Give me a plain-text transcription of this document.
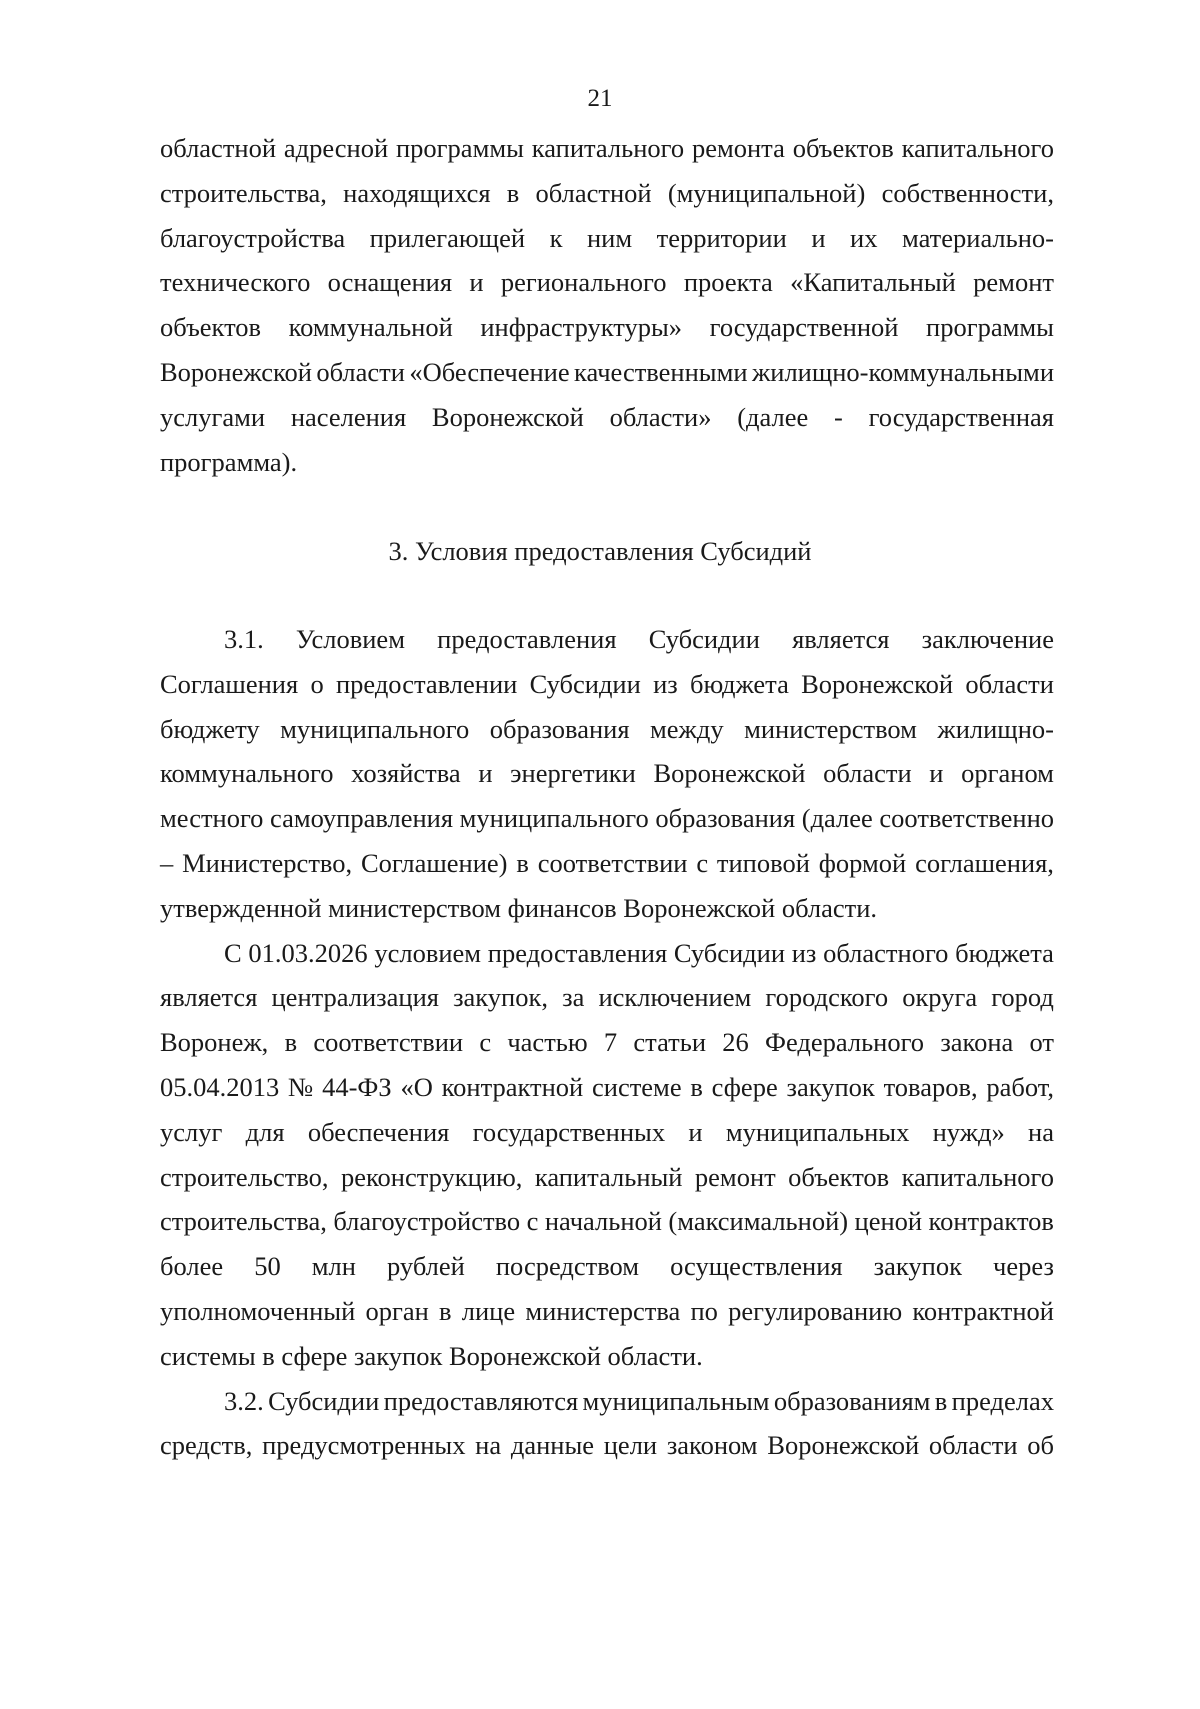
21
областной адресной программы капитального ремонта объектов капитального
строительства, находящихся в областной (муниципальной) собственности,
благоустройства прилегающей к ним территории и их материально-
технического оснащения и регионального проекта «Капитальный ремонт
объектов коммунальной инфраструктуры» государственной программы
Воронежской области «Обеспечение качественными жилищно-коммунальными
услугами населения Воронежской области» (далее - государственная
программа).
3. Условия предоставления Субсидий
3.1. Условием предоставления Субсидии является заключение
Соглашения о предоставлении Субсидии из бюджета Воронежской области
бюджету муниципального образования между министерством жилищно-
коммунального хозяйства и энергетики Воронежской области и органом
местного самоуправления муниципального образования (далее соответственно
– Министерство, Соглашение) в соответствии с типовой формой соглашения,
утвержденной министерством финансов Воронежской области.
С 01.03.2026 условием предоставления Субсидии из областного бюджета
является централизация закупок, за исключением городского округа город
Воронеж, в соответствии с частью 7 статьи 26 Федерального закона от
05.04.2013 № 44-ФЗ «О контрактной системе в сфере закупок товаров, работ,
услуг для обеспечения государственных и муниципальных нужд» на
строительство, реконструкцию, капитальный ремонт объектов капитального
строительства, благоустройство с начальной (максимальной) ценой контрактов
более 50 млн рублей посредством осуществления закупок через
уполномоченный орган в лице министерства по регулированию контрактной
системы в сфере закупок Воронежской области.
3.2. Субсидии предоставляются муниципальным образованиям в пределах
средств, предусмотренных на данные цели законом Воронежской области об
